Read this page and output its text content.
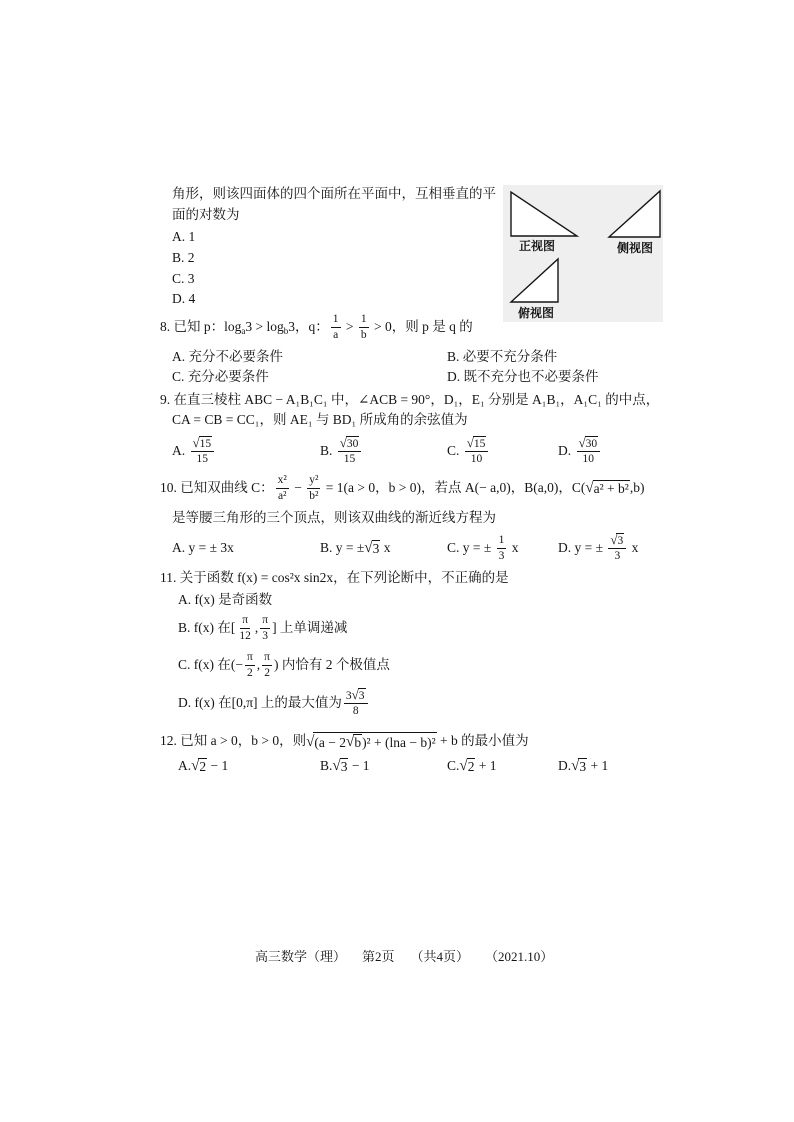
角形，则该四面体的四个面所在平面中，互相垂直的平
面的对数为
A. 1
B. 2
C. 3
D. 4
正视图	侧视图
俯视图
8. 已知 p：log a 3 > log b 3，q： $\frac{1}{a} > \frac{1}{b} > 0$，则 p 是 q 的
A. 充分不必要条件	B. 必要不充分条件
C. 充分必要条件	D. 既不充分也不必要条件
9. 在直三棱柱 ABC − A₁B₁C₁ 中，∠ACB = 90°，D₁，E₁ 分别是 A₁B₁，A₁C₁ 的中点，
CA = CB = CC₁，则 AE₁ 与 BD₁ 所成角的余弦值为
A. $\frac{√ 15}{15}$	B. $\frac{√ 30}{15}$	C. $\frac{√ 15}{10}$	D. $\frac{√ 30}{10}$
10. 已知双曲线 C： $\frac{\text{x²}}{\text{a²}} - \frac{\text{y²}}{\text{b²}} = 1(a > 0$，b > 0)，若点 A(− a,0)，B(a,0)，C( √ a² + b² ,b)
是等腰三角形的三个顶点，则该双曲线的渐近线方程为
A. y = ± 3x	B. y = ± √ 3 x	C. y = ± $\frac{1}{3}$ x	D. y = ± $\frac{√ 3}{3}$ x
11. 关于函数 f(x) = cos²x sin2x，在下列论断中，不正确的是
A. f(x) 是奇函数
B. f(x) 在[ $\frac{\pi}{12}$ , $\frac{\pi}{3}$ ] 上单调递减
C. f(x) 在(− $\frac{\pi}{2}$ , $\frac{\pi}{2}$ ) 内恰有 2 个极值点
D. f(x) 在[0,π] 上的最大值为 $\frac{3 √ 3}{8}$
12. 已知 a > 0，b > 0，则 √ (a − 2 √ b )² + (lna − b)² + b 的最小值为
A. √ 2 − 1	B. √ 3 − 1	C. √ 2 + 1	D. √ 3 + 1
高三数学（理） 第2页 （共4页） （2021.10）
